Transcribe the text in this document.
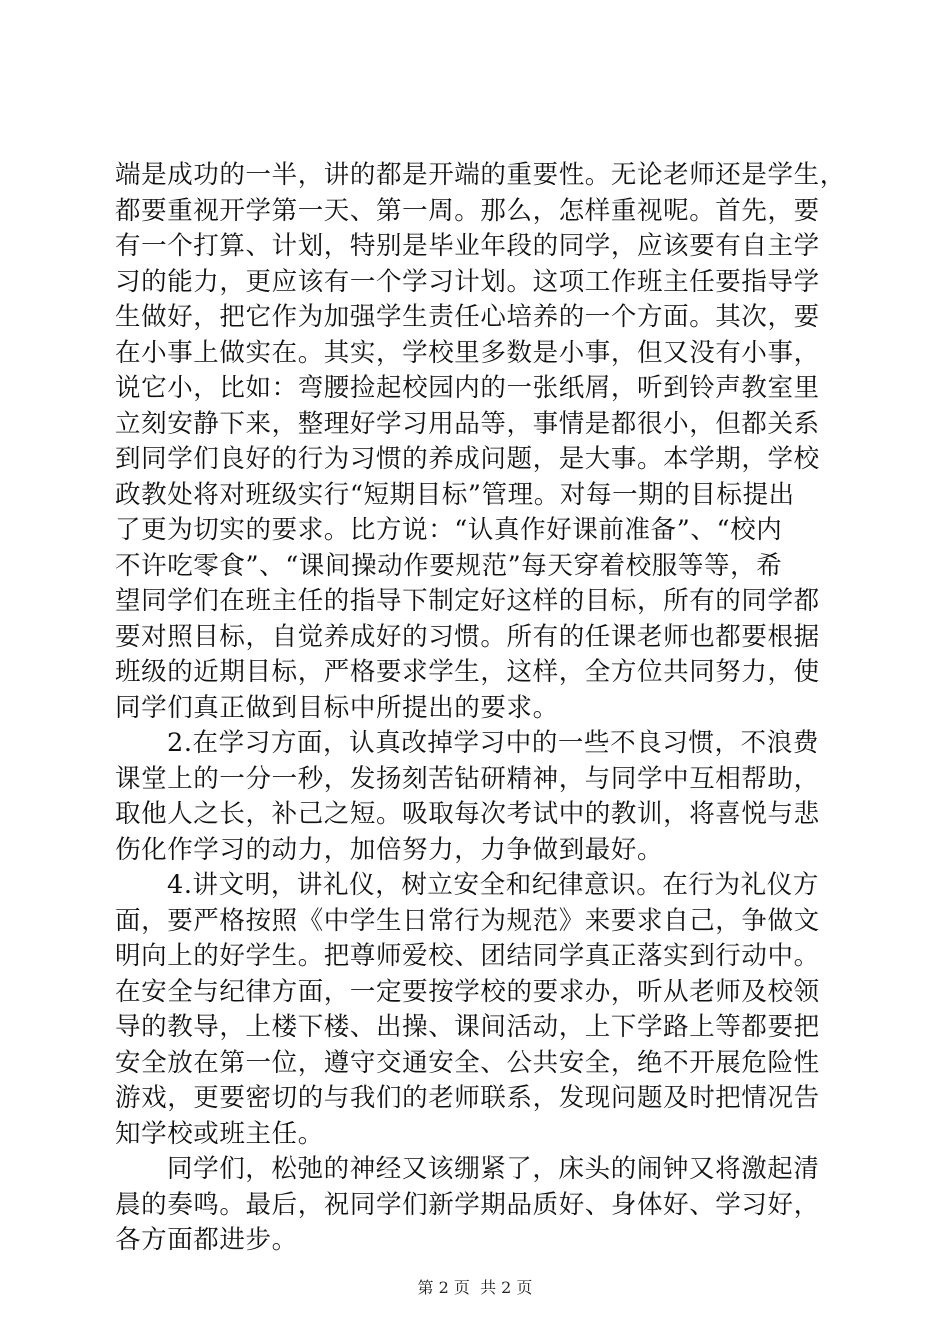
端是成功的一半，讲的都是开端的重要性。无论老师还是学生，
都要重视开学第一天、第一周。那么，怎样重视呢。首先，要
有一个打算、计划，特别是毕业年段的同学，应该要有自主学
习的能力，更应该有一个学习计划。这项工作班主任要指导学
生做好，把它作为加强学生责任心培养的一个方面。其次，要
在小事上做实在。其实，学校里多数是小事，但又没有小事，
说它小，比如：弯腰捡起校园内的一张纸屑，听到铃声教室里
立刻安静下来，整理好学习用品等，事情是都很小，但都关系
到同学们良好的行为习惯的养成问题，是大事。本学期，学校
政教处将对班级实行“短期目标”管理。对每一期的目标提出
了更为切实的要求。比方说：“认真作好课前准备”、“校内
不许吃零食”、“课间操动作要规范”每天穿着校服等等，希
望同学们在班主任的指导下制定好这样的目标，所有的同学都
要对照目标，自觉养成好的习惯。所有的任课老师也都要根据
班级的近期目标，严格要求学生，这样，全方位共同努力，使
同学们真正做到目标中所提出的要求。
2.在学习方面，认真改掉学习中的一些不良习惯，不浪费
课堂上的一分一秒，发扬刻苦钻研精神，与同学中互相帮助，
取他人之长，补己之短。吸取每次考试中的教训，将喜悦与悲
伤化作学习的动力，加倍努力，力争做到最好。
4.讲文明，讲礼仪，树立安全和纪律意识。在行为礼仪方
面，要严格按照《中学生日常行为规范》来要求自己，争做文
明向上的好学生。把尊师爱校、团结同学真正落实到行动中。
在安全与纪律方面，一定要按学校的要求办，听从老师及校领
导的教导，上楼下楼、出操、课间活动，上下学路上等都要把
安全放在第一位，遵守交通安全、公共安全，绝不开展危险性
游戏，更要密切的与我们的老师联系，发现问题及时把情况告
知学校或班主任。
同学们，松弛的神经又该绷紧了，床头的闹钟又将激起清
晨的奏鸣。最后，祝同学们新学期品质好、身体好、学习好，
各方面都进步。
第 2 页  共 2 页
